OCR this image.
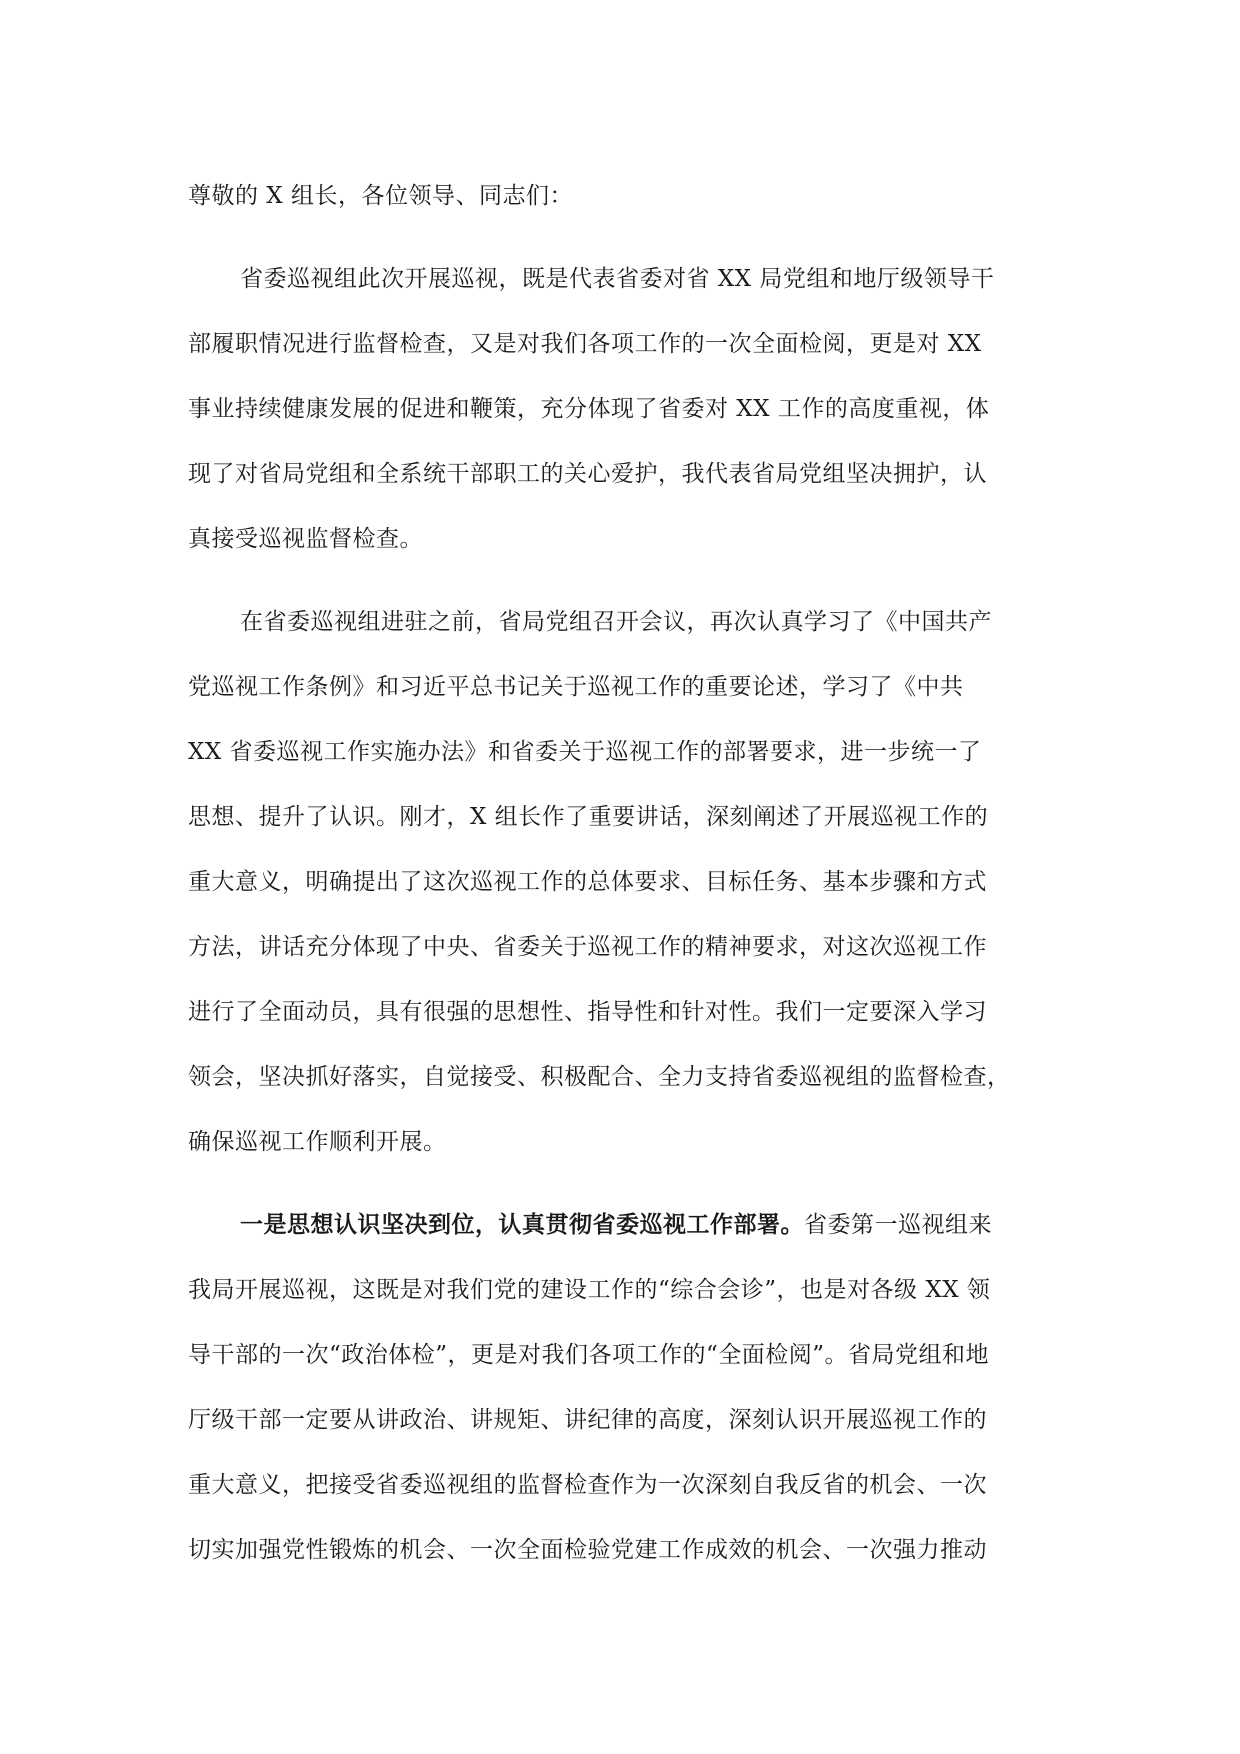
尊敬的 X 组长，各位领导、同志们：
省委巡视组此次开展巡视，既是代表省委对省 XX 局党组和地厅级领导干
部履职情况进行监督检查，又是对我们各项工作的一次全面检阅，更是对 XX
事业持续健康发展的促进和鞭策，充分体现了省委对 XX 工作的高度重视，体
现了对省局党组和全系统干部职工的关心爱护，我代表省局党组坚决拥护，认
真接受巡视监督检查。
在省委巡视组进驻之前，省局党组召开会议，再次认真学习了《中国共产
党巡视工作条例》和习近平总书记关于巡视工作的重要论述，学习了《中共
XX 省委巡视工作实施办法》和省委关于巡视工作的部署要求，进一步统一了
思想、提升了认识。刚才，X 组长作了重要讲话，深刻阐述了开展巡视工作的
重大意义，明确提出了这次巡视工作的总体要求、目标任务、基本步骤和方式
方法，讲话充分体现了中央、省委关于巡视工作的精神要求，对这次巡视工作
进行了全面动员，具有很强的思想性、指导性和针对性。我们一定要深入学习
领会，坚决抓好落实，自觉接受、积极配合、全力支持省委巡视组的监督检查，
确保巡视工作顺利开展。
一是思想认识坚决到位，认真贯彻省委巡视工作部署。省委第一巡视组来
我局开展巡视，这既是对我们党的建设工作的“综合会诊”，也是对各级 XX 领
导干部的一次“政治体检”，更是对我们各项工作的“全面检阅”。省局党组和地
厅级干部一定要从讲政治、讲规矩、讲纪律的高度，深刻认识开展巡视工作的
重大意义，把接受省委巡视组的监督检查作为一次深刻自我反省的机会、一次
切实加强党性锻炼的机会、一次全面检验党建工作成效的机会、一次强力推动
